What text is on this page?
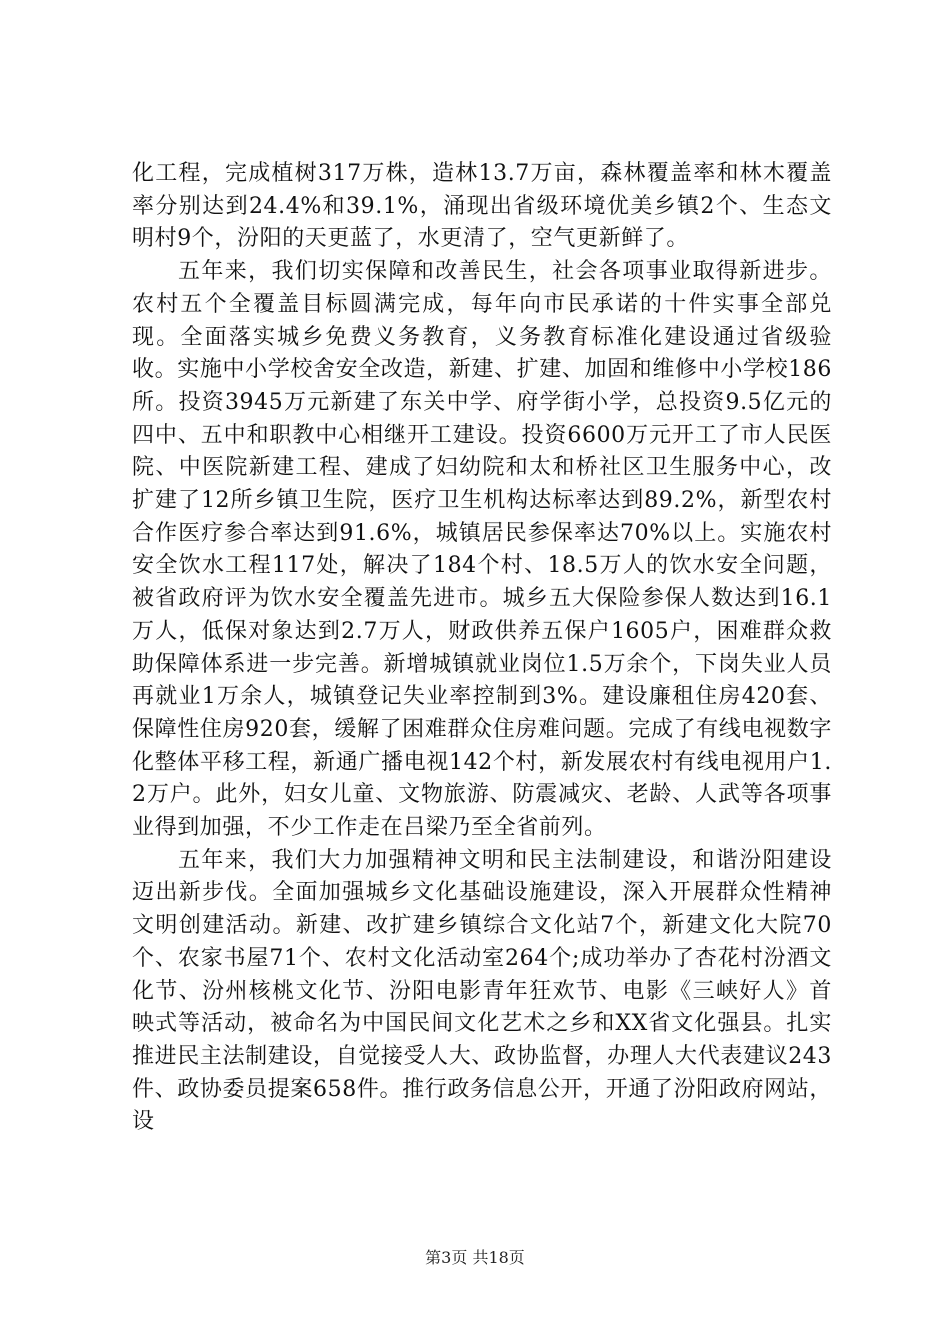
化工程，完成植树317万株，造林13.7万亩，森林覆盖率和林木覆盖率分别达到24.4%和39.1%，涌现出省级环境优美乡镇2个、生态文明村9个，汾阳的天更蓝了，水更清了，空气更新鲜了。

五年来，我们切实保障和改善民生，社会各项事业取得新进步。农村五个全覆盖目标圆满完成，每年向市民承诺的十件实事全部兑现。全面落实城乡免费义务教育，义务教育标准化建设通过省级验收。实施中小学校舍安全改造，新建、扩建、加固和维修中小学校186所。投资3945万元新建了东关中学、府学街小学，总投资9.5亿元的四中、五中和职教中心相继开工建设。投资6600万元开工了市人民医院、中医院新建工程、建成了妇幼院和太和桥社区卫生服务中心，改扩建了12所乡镇卫生院，医疗卫生机构达标率达到89.2%，新型农村合作医疗参合率达到91.6%，城镇居民参保率达70%以上。实施农村安全饮水工程117处，解决了184个村、18.5万人的饮水安全问题，被省政府评为饮水安全覆盖先进市。城乡五大保险参保人数达到16.1万人，低保对象达到2.7万人，财政供养五保户1605户，困难群众救助保障体系进一步完善。新增城镇就业岗位1.5万余个，下岗失业人员再就业1万余人，城镇登记失业率控制到3%。建设廉租住房420套、保障性住房920套，缓解了困难群众住房难问题。完成了有线电视数字化整体平移工程，新通广播电视142个村，新发展农村有线电视用户1.2万户。此外，妇女儿童、文物旅游、防震减灾、老龄、人武等各项事业得到加强，不少工作走在吕梁乃至全省前列。

五年来，我们大力加强精神文明和民主法制建设，和谐汾阳建设迈出新步伐。全面加强城乡文化基础设施建设，深入开展群众性精神文明创建活动。新建、改扩建乡镇综合文化站7个，新建文化大院70个、农家书屋71个、农村文化活动室264个;成功举办了杏花村汾酒文化节、汾州核桃文化节、汾阳电影青年狂欢节、电影《三峡好人》首映式等活动，被命名为中国民间文化艺术之乡和XX省文化强县。扎实推进民主法制建设，自觉接受人大、政协监督，办理人大代表建议243件、政协委员提案658件。推行政务信息公开，开通了汾阳政府网站，设

第3页 共18页
